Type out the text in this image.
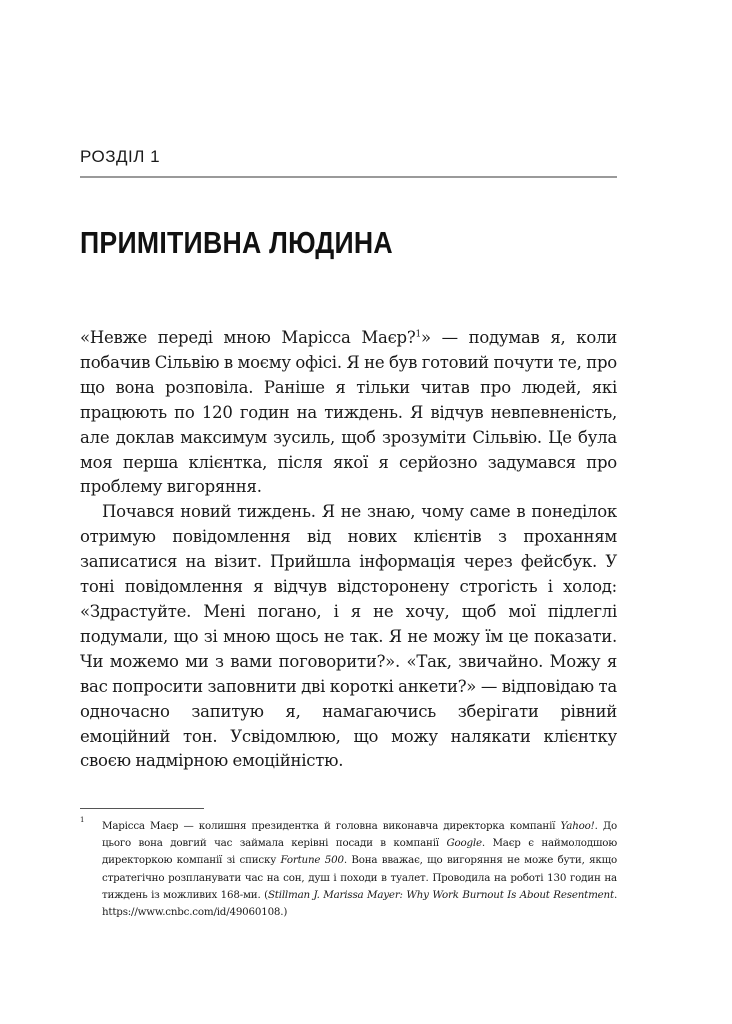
РОЗДІЛ 1
ПРИМІТИВНА ЛЮДИНА

«Невже переді мною Марісса Маєр?$^1$» — подумав я, коли побачив Сільвію в моєму офісі. Я не був готовий почути те, про що вона розповіла. Раніше я тільки читав про людей, які працюють по 120 годин на тиждень. Я відчув невпевненість, але доклав максимум зусиль, щоб зрозуміти Сільвію. Це була моя перша клієнтка, після якої я серйозно задумався про проблему вигоряння.

Почався новий тиждень. Я не знаю, чому саме в понеділок отримую повідомлення від нових клієнтів з проханням записатися на візит. Прийшла інформація через фейсбук. У тоні повідомлення я відчув відсторонену строгість і холод: «Здрастуйте. Мені погано, і я не хочу, щоб мої підлеглі подумали, що зі мною щось не так. Я не можу їм це показати. Чи можемо ми з вами поговорити?». «Так, звичайно. Можу я вас попросити заповнити дві короткі анкети?» — відповідаю та одночасно запитую я, намагаючись зберігати рівний емоційний тон. Усвідомлюю, що можу налякати клієнтку своєю надмірною емоційністю.

1 Марісса Маєр — колишня президентка й головна виконавча директорка компанії Yahoo!. До цього вона довгий час займала керівні посади в компанії Google. Маєр є наймолодшою директоркою компанії зі списку Fortune 500. Вона вважає, що вигоряння не може бути, якщо стратегічно розпланувати час на сон, душ і походи в туалет. Проводила на роботі 130 годин на тиждень із можливих 168-ми. (Stillman J. Marissa Mayer: Why Work Burnout Is About Resentment. https://www.cnbc.com/id/49060108.)
